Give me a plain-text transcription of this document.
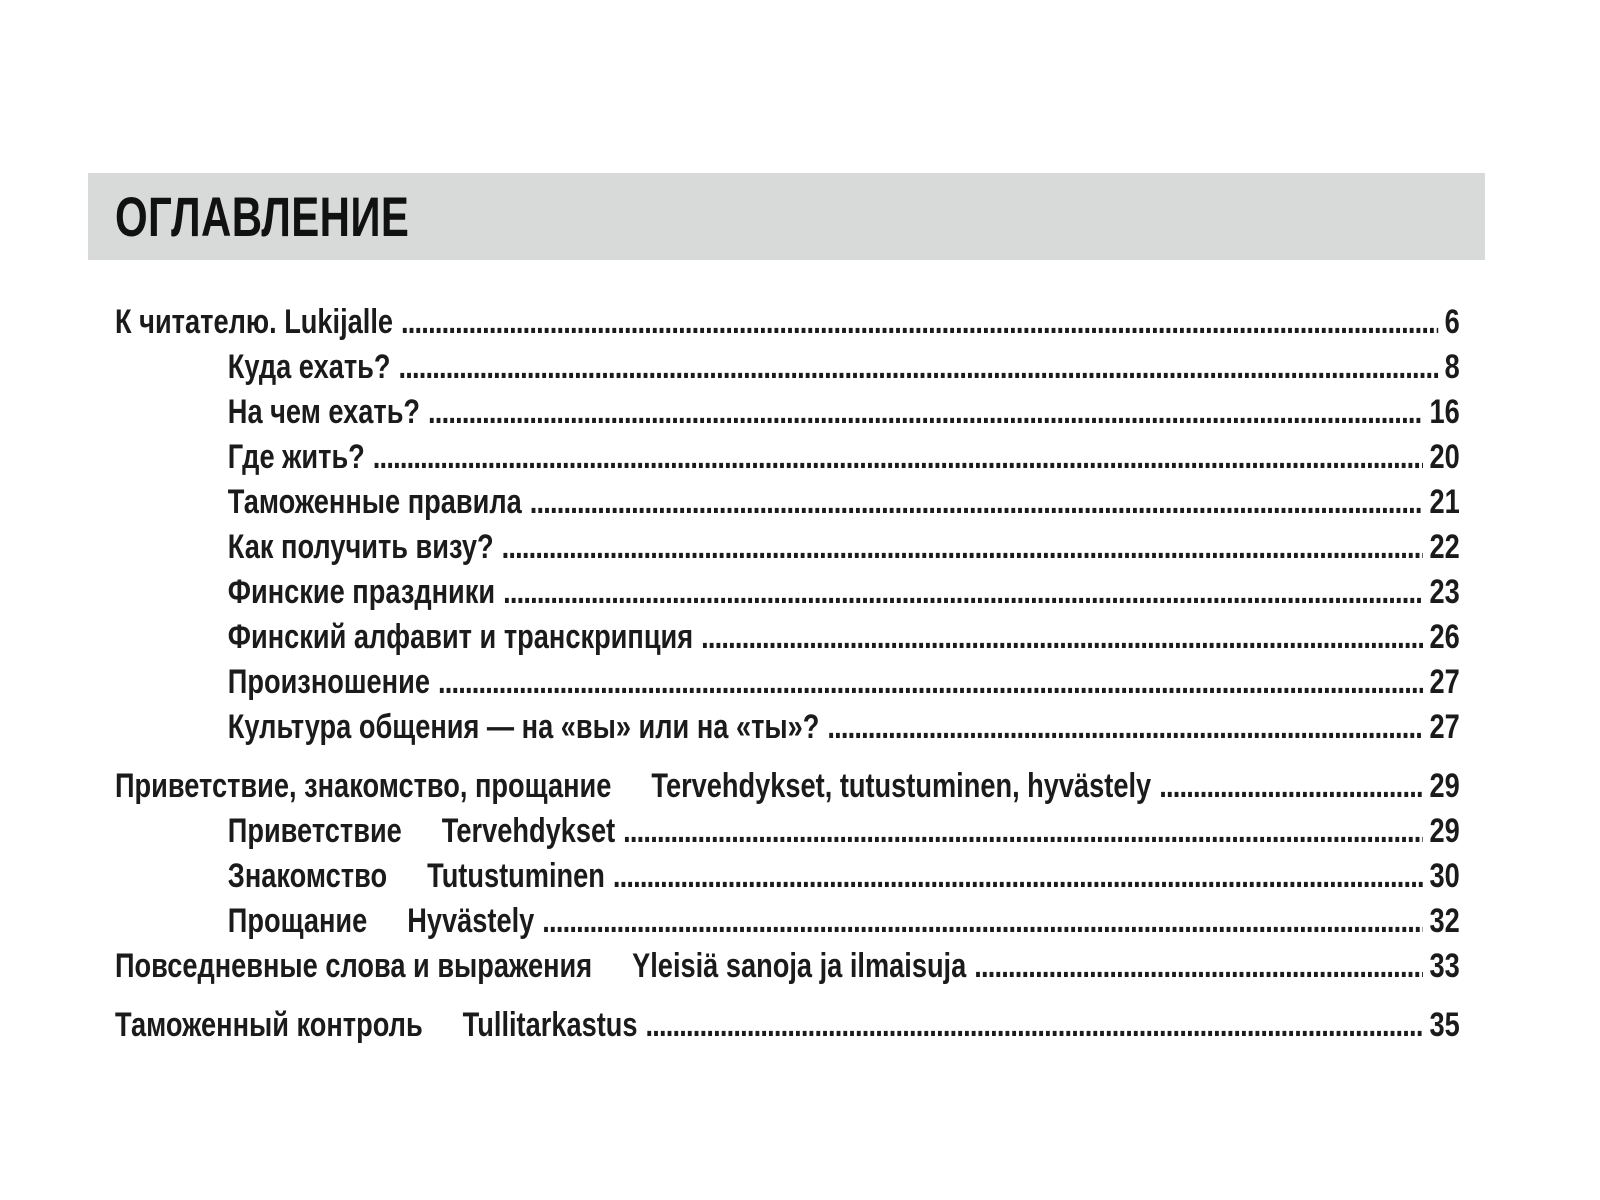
ОГЛАВЛЕНИЕ
К читателю. Lukijalle .....	6
Куда ехать? .....	8
На чем ехать? .....	16
Где жить? .....	20
Таможенные правила .....	21
Как получить визу? .....	22
Финские праздники .....	23
Финский алфавит и транскрипция .....	26
Произношение .....	27
Культура общения — на «вы» или на «ты»? .....	27
Приветствие, знакомство, прощание Tervehdykset, tutustuminen, hyvästely .....	29
Приветствие Tervehdykset .....	29
Знакомство Tutustuminen .....	30
Прощание Hyvästely .....	32
Повседневные слова и выражения Yleisiä sanoja ja ilmaisuja .....	33
Таможенный контроль Tullitarkastus .....	35
